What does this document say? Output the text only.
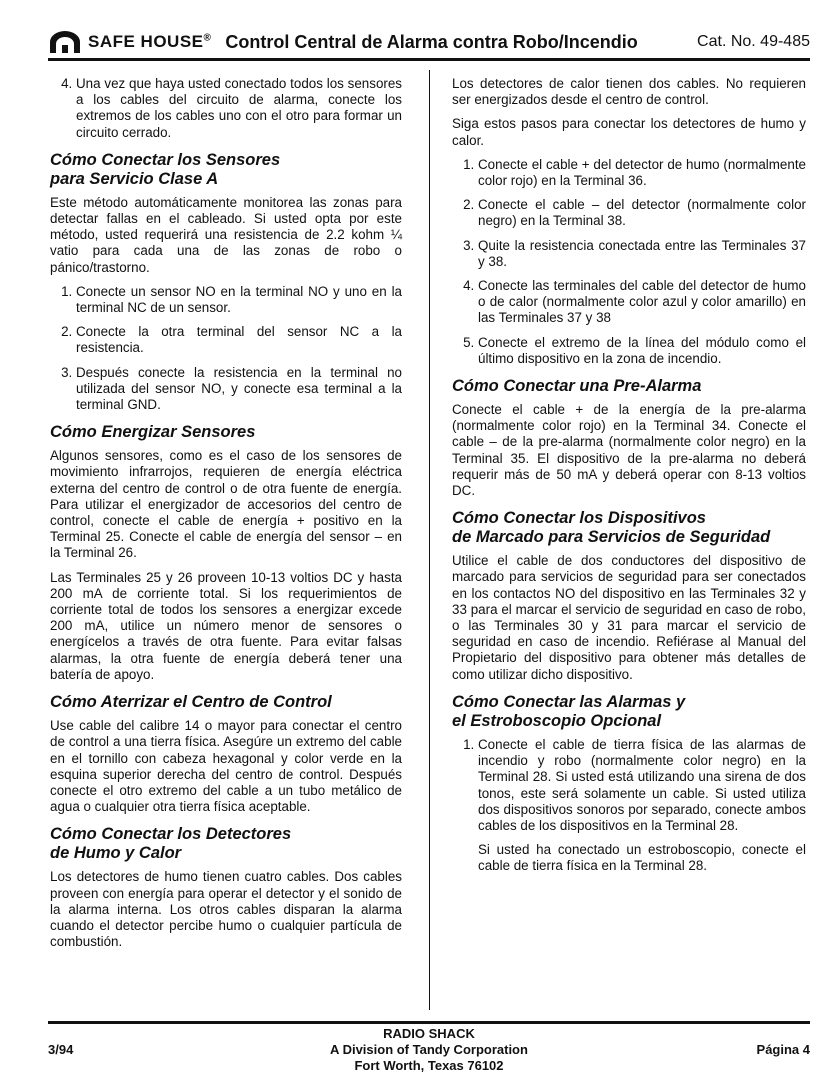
SAFE HOUSE® Control Central de Alarma contra Robo/Incendio	Cat. No. 49-485
4. Una vez que haya usted conectado todos los sensores a los cables del circuito de alarma, conecte los extremos de los cables uno con el otro para formar un circuito cerrado.
Cómo Conectar los Sensores
para Servicio Clase A

Este método automáticamente monitorea las zonas para detectar fallas en el cableado. Si usted opta por este método, usted requerirá una resistencia de 2.2 kohm ¼ vatio para cada una de las zonas de robo o pánico/trastorno.

1. Conecte un sensor NO en la terminal NO y uno en la terminal NC de un sensor.
2. Conecte la otra terminal del sensor NC a la resistencia.
3. Después conecte la resistencia en la terminal no utilizada del sensor NO, y conecte esa terminal a la terminal GND.
Cómo Energizar Sensores

Algunos sensores, como es el caso de los sensores de movimiento infrarrojos, requieren de energía eléctrica externa del centro de control o de otra fuente de energía. Para utilizar el energizador de accesorios del centro de control, conecte el cable de energía + positivo en la Terminal 25. Conecte el cable de energía del sensor – en la Terminal 26.

Las Terminales 25 y 26 proveen 10-13 voltios DC y hasta 200 mA de corriente total. Si los requerimientos de corriente total de todos los sensores a energizar excede 200 mA, utilice un número menor de sensores o energícelos a través de otra fuente. Para evitar falsas alarmas, la otra fuente de energía deberá tener una batería de apoyo.

Cómo Aterrizar el Centro de Control

Use cable del calibre 14 o mayor para conectar el centro de control a una tierra física. Asegúre un extremo del cable en el tornillo con cabeza hexagonal y color verde en la esquina superior derecha del centro de control. Después conecte el otro extremo del cable a un tubo metálico de agua o cualquier otra tierra física aceptable.

Cómo Conectar los Detectores
de Humo y Calor

Los detectores de humo tienen cuatro cables. Dos cables proveen con energía para operar el detector y el sonido de la alarma interna. Los otros cables disparan la alarma cuando el detector percibe humo o cualquier partícula de combustión.

Los detectores de calor tienen dos cables. No requieren ser energizados desde el centro de control.

Siga estos pasos para conectar los detectores de humo y calor.

1. Conecte el cable + del detector de humo (normalmente color rojo) en la Terminal 36.
2. Conecte el cable – del detector (normalmente color negro) en la Terminal 38.
3. Quite la resistencia conectada entre las Terminales 37 y 38.
4. Conecte las terminales del cable del detector de humo o de calor (normalmente color azul y color amarillo) en las Terminales 37 y 38
5. Conecte el extremo de la línea del módulo como el último dispositivo en la zona de incendio.
Cómo Conectar una Pre-Alarma

Conecte el cable + de la energía de la pre-alarma (normalmente color rojo) en la Terminal 34. Conecte el cable – de la pre-alarma (normalmente color negro) en la Terminal 35. El dispositivo de la pre-alarma no deberá requerir más de 50 mA y deberá operar con 8-13 voltios DC.

Cómo Conectar los Dispositivos
de Marcado para Servicios de Seguridad

Utilice el cable de dos conductores del dispositivo de marcado para servicios de seguridad para ser conectados en los contactos NO del dispositivo en las Terminales 32 y 33 para el marcar el servicio de seguridad en caso de robo, o las Terminales 30 y 31 para marcar el servicio de seguridad en caso de incendio. Refiérase al Manual del Propietario del dispositivo para obtener más detalles de como utilizar dicho dispositivo.

Cómo Conectar las Alarmas y
el Estroboscopio Opcional
1. Conecte el cable de tierra física de las alarmas de incendio y robo (normalmente color negro) en la Terminal 28. Si usted está utilizando una sirena de dos tonos, este será solamente un cable. Si usted utiliza dos dispositivos sonoros por separado, conecte ambos cables de los dispositivos en la Terminal 28.
Si usted ha conectado un estroboscopio, conecte el cable de tierra física en la Terminal 28.
RADIO SHACK
A Division of Tandy Corporation
Fort Worth, Texas 76102
3/94	Página 4
